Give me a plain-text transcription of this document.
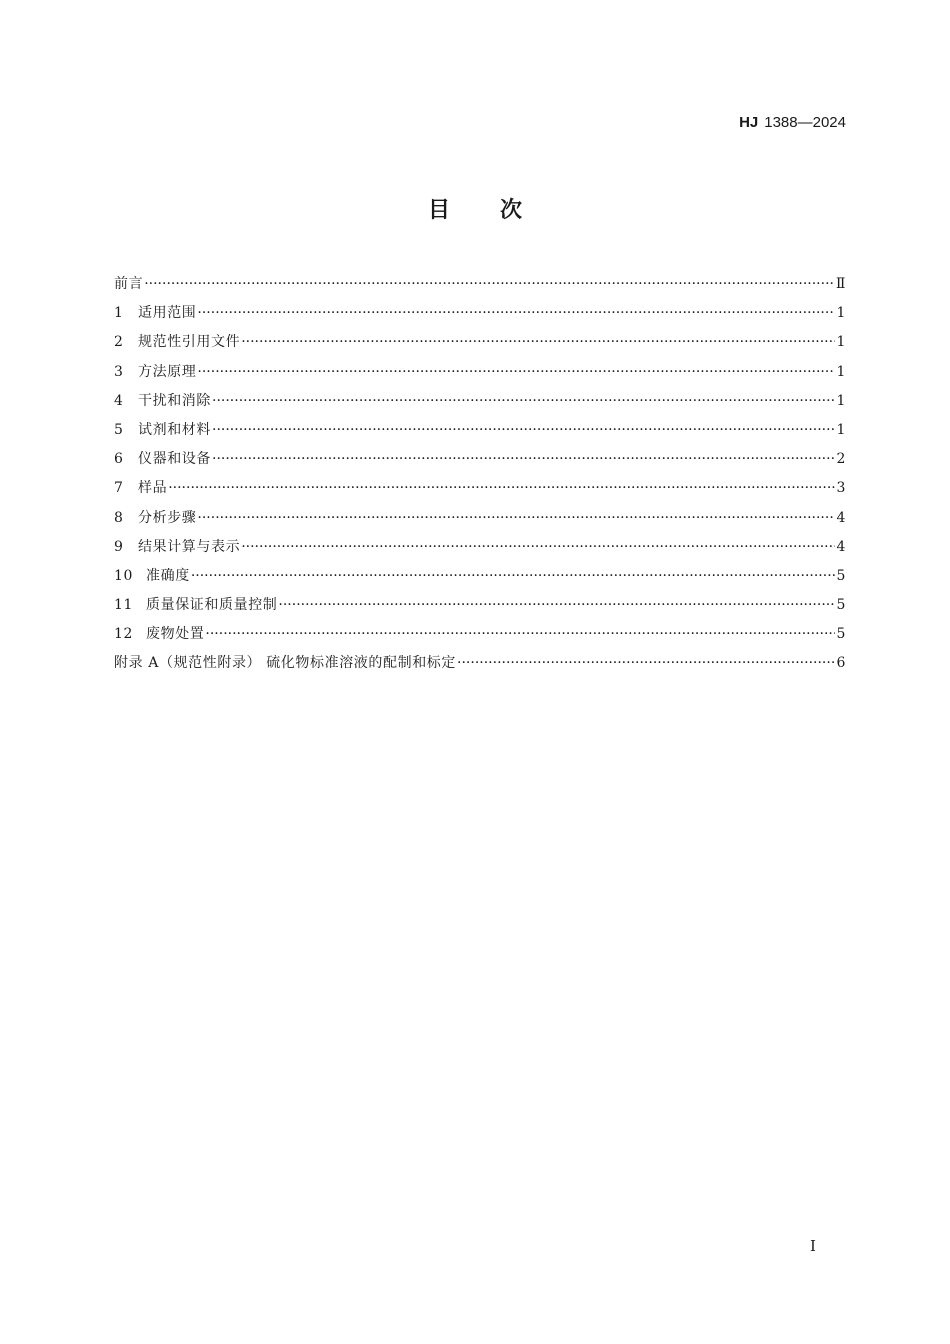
HJ 1388—2024
目 次
前言 ·····	Ⅱ
1	适用范围 ·····	1
2	规范性引用文件 ·····	1
3	方法原理 ·····	1
4	干扰和消除 ·····	1
5	试剂和材料 ·····	1
6	仪器和设备 ·····	2
7	样品 ·····	3
8	分析步骤 ·····	4
9	结果计算与表示 ·····	4
10 准确度 ·····	5
11 质量保证和质量控制 ·····	5
12 废物处置 ·····	5
附录 A（规范性附录） 硫化物标准溶液的配制和标定 ·····	6
I
